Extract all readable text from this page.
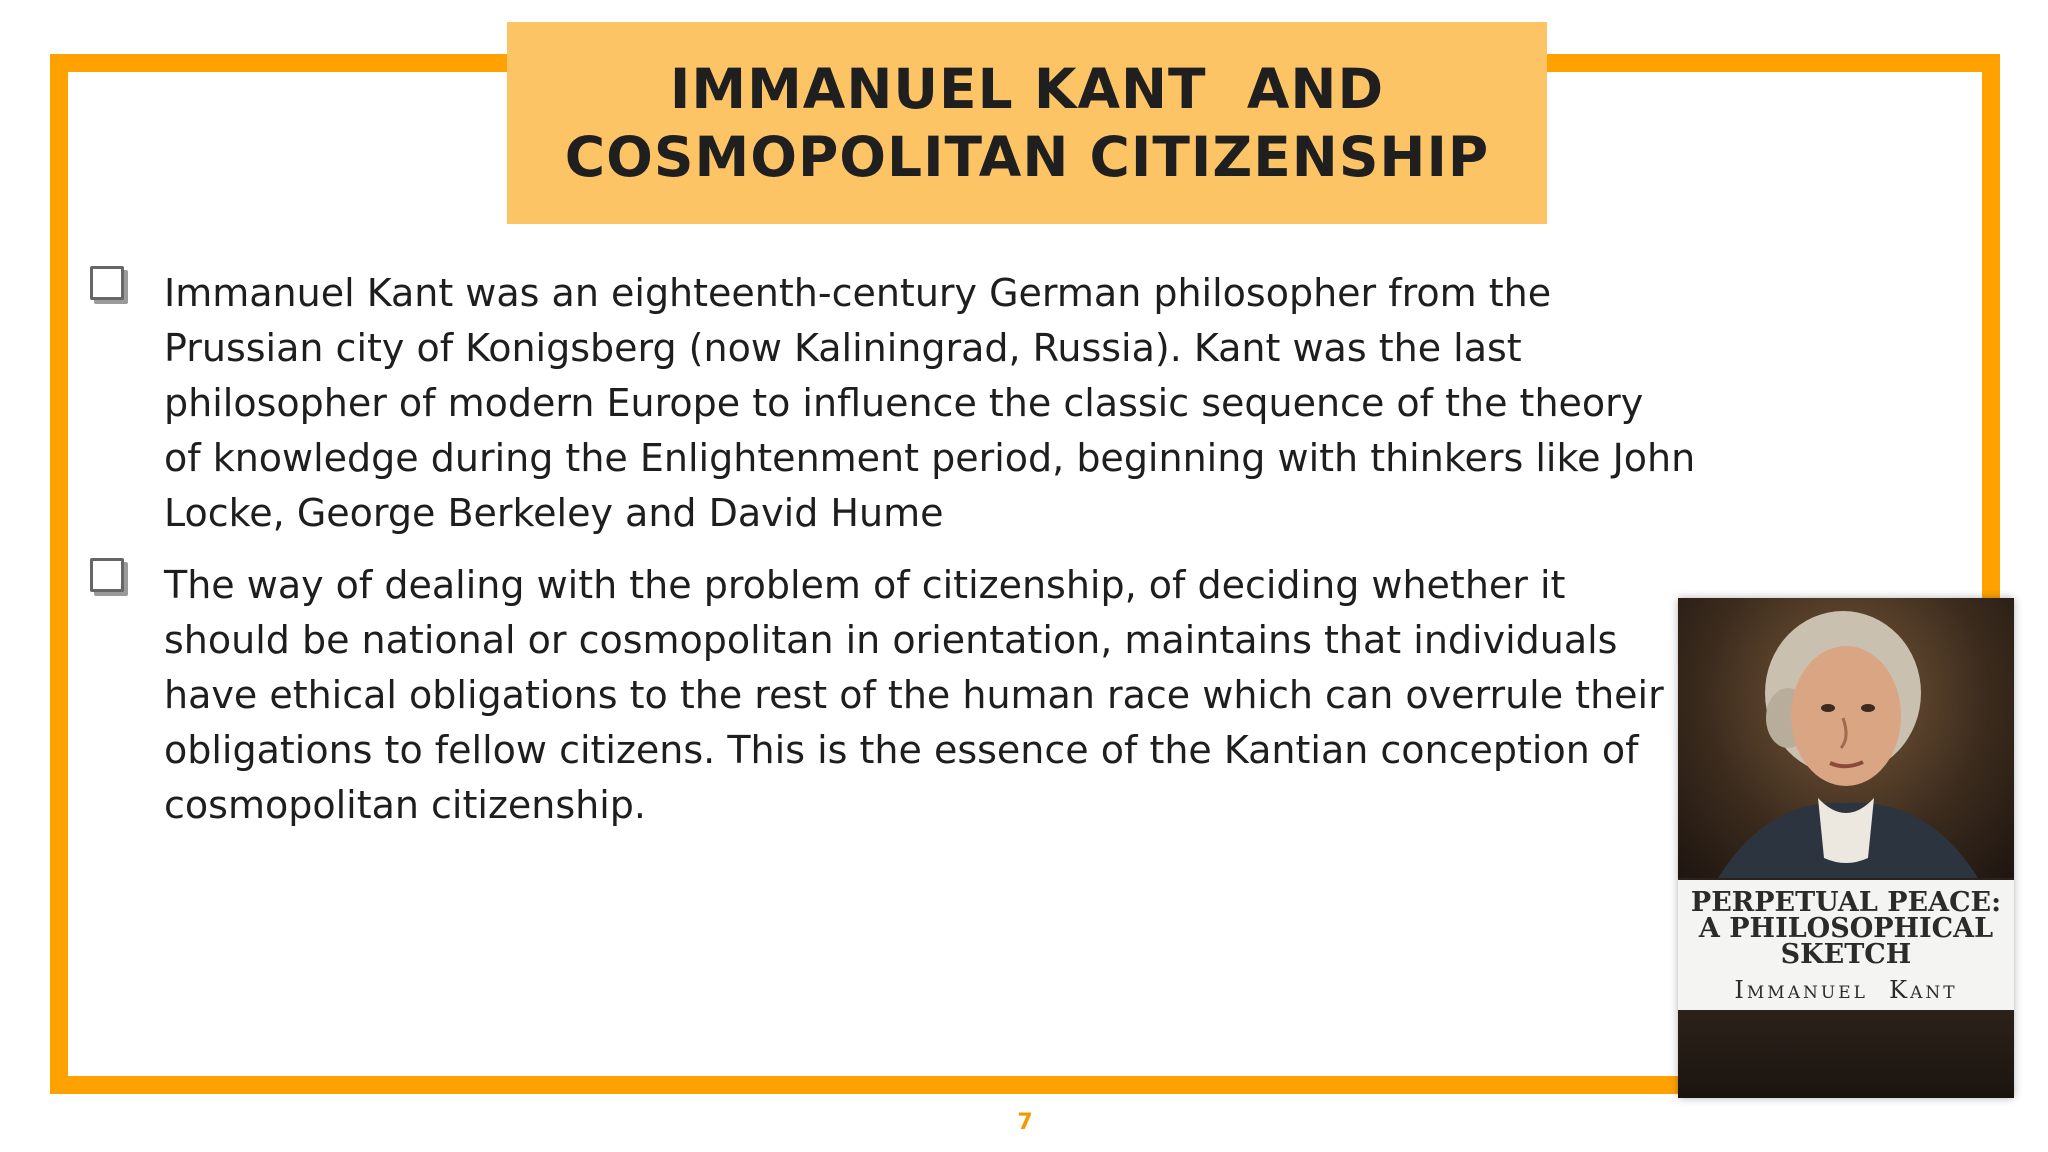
IMMANUEL KANT  AND
COSMOPOLITAN CITIZENSHIP
Immanuel Kant was an eighteenth-century German philosopher from the
Prussian city of Konigsberg (now Kaliningrad, Russia). Kant was the last
philosopher of modern Europe to influence the classic sequence of the theory
of knowledge during the Enlightenment period, beginning with thinkers like John
Locke, George Berkeley and David Hume
The way of dealing with the problem of citizenship, of deciding whether it
should be national or cosmopolitan in orientation, maintains that individuals
have ethical obligations to the rest of the human race which can overrule their
obligations to fellow citizens. This is the essence of the Kantian conception of
cosmopolitan citizenship.
PERPETUAL PEACE:
A PHILOSOPHICAL
SKETCH
Immanuel  Kant
7
